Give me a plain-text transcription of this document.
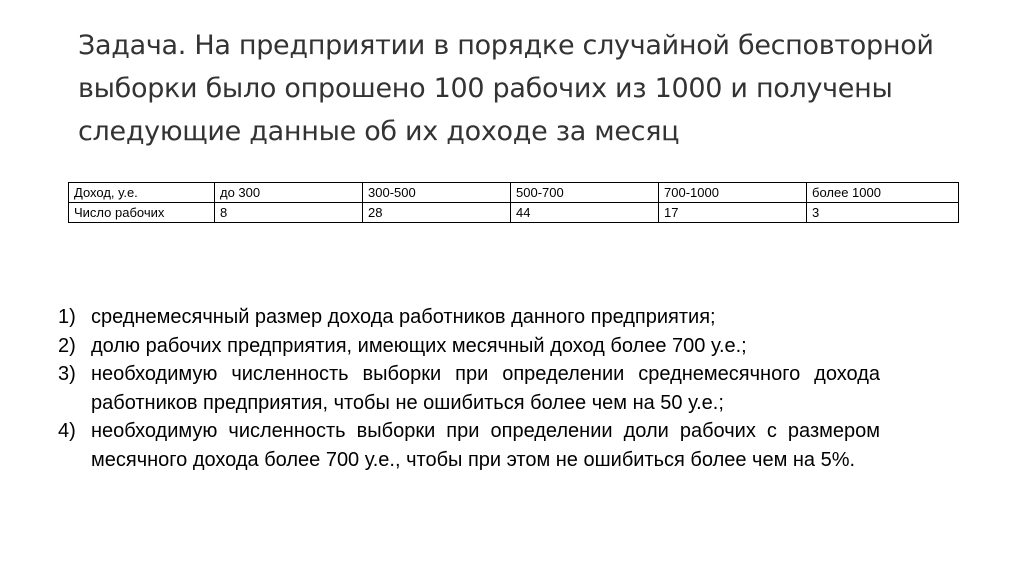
Задача. На предприятии в порядке случайной бесповторной выборки было опрошено 100 рабочих из 1000 и получены следующие данные об их доходе за месяц
Доход, у.е.	до 300	300-500	500-700	700-1000	более 1000
Число рабочих	8	28	44	17	3
1) среднемесячный размер дохода работников данного предприятия;
2) долю рабочих предприятия, имеющих месячный доход более 700 у.е.;
3) необходимую численность выборки при определении среднемесячного дохода работников предприятия, чтобы не ошибиться более чем на 50 у.е.;
4) необходимую численность выборки при определении доли рабочих с размером месячного дохода более 700 у.е., чтобы при этом не ошибиться более чем на 5%.
